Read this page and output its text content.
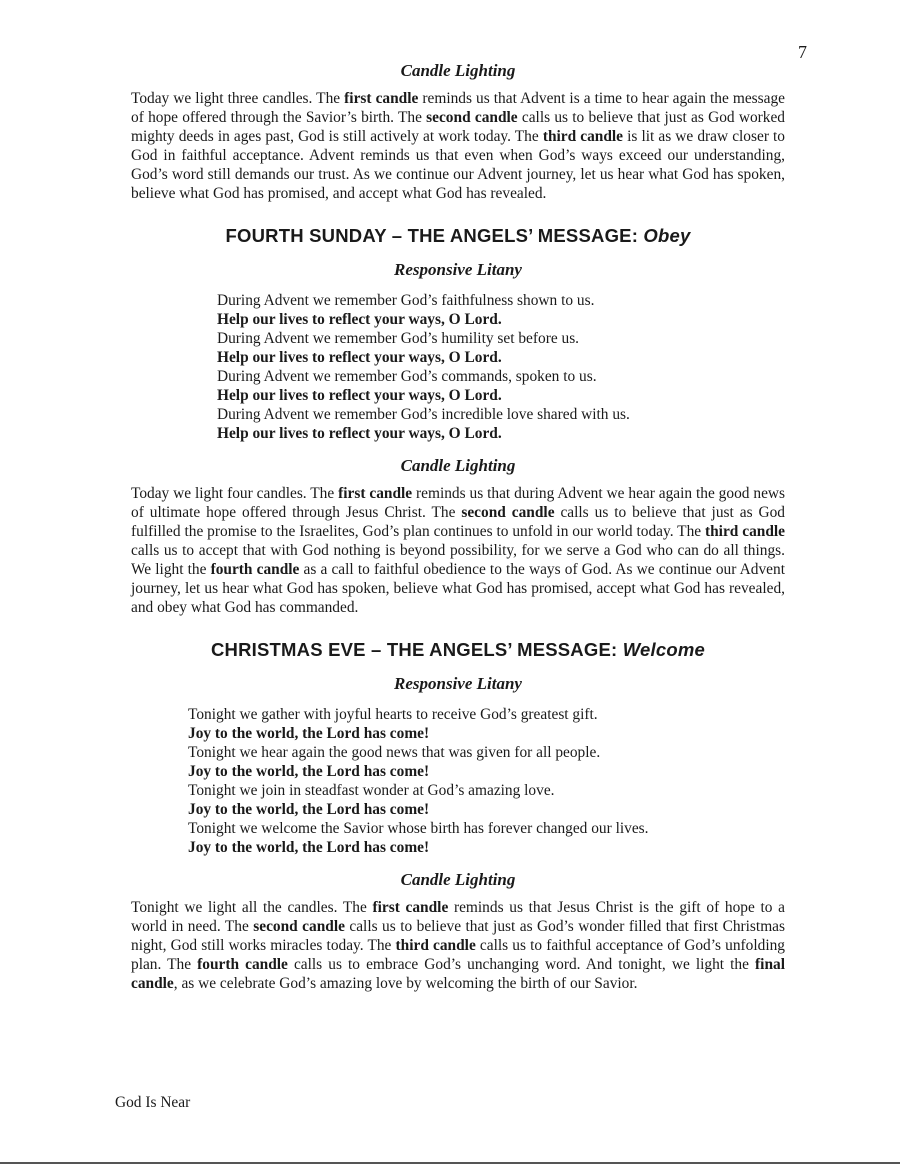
7
Candle Lighting

Today we light three candles. The first candle reminds us that Advent is a time to hear again the message of hope offered through the Savior’s birth. The second candle calls us to believe that just as God worked mighty deeds in ages past, God is still actively at work today. The third candle is lit as we draw closer to God in faithful acceptance. Advent reminds us that even when God’s ways exceed our understanding, God’s word still demands our trust. As we continue our Advent journey, let us hear what God has spoken, believe what God has promised, and accept what God has revealed.

FOURTH SUNDAY – THE ANGELS’ MESSAGE: Obey
Responsive Litany
During Advent we remember God’s faithfulness shown to us.
Help our lives to reflect your ways, O Lord.
During Advent we remember God’s humility set before us.
Help our lives to reflect your ways, O Lord.
During Advent we remember God’s commands, spoken to us.
Help our lives to reflect your ways, O Lord.
During Advent we remember God’s incredible love shared with us.
Help our lives to reflect your ways, O Lord.
Candle Lighting

Today we light four candles. The first candle reminds us that during Advent we hear again the good news of ultimate hope offered through Jesus Christ. The second candle calls us to believe that just as God fulfilled the promise to the Israelites, God’s plan continues to unfold in our world today. The third candle calls us to accept that with God nothing is beyond possibility, for we serve a God who can do all things. We light the fourth candle as a call to faithful obedience to the ways of God. As we continue our Advent journey, let us hear what God has spoken, believe what God has promised, accept what God has revealed, and obey what God has commanded.

CHRISTMAS EVE – THE ANGELS’ MESSAGE: Welcome
Responsive Litany
Tonight we gather with joyful hearts to receive God’s greatest gift.
Joy to the world, the Lord has come!
Tonight we hear again the good news that was given for all people.
Joy to the world, the Lord has come!
Tonight we join in steadfast wonder at God’s amazing love.
Joy to the world, the Lord has come!
Tonight we welcome the Savior whose birth has forever changed our lives.
Joy to the world, the Lord has come!
Candle Lighting

Tonight we light all the candles. The first candle reminds us that Jesus Christ is the gift of hope to a world in need. The second candle calls us to believe that just as God’s wonder filled that first Christmas night, God still works miracles today. The third candle calls us to faithful acceptance of God’s unfolding plan. The fourth candle calls us to embrace God’s unchanging word. And tonight, we light the final candle, as we celebrate God’s amazing love by welcoming the birth of our Savior.

God Is Near
